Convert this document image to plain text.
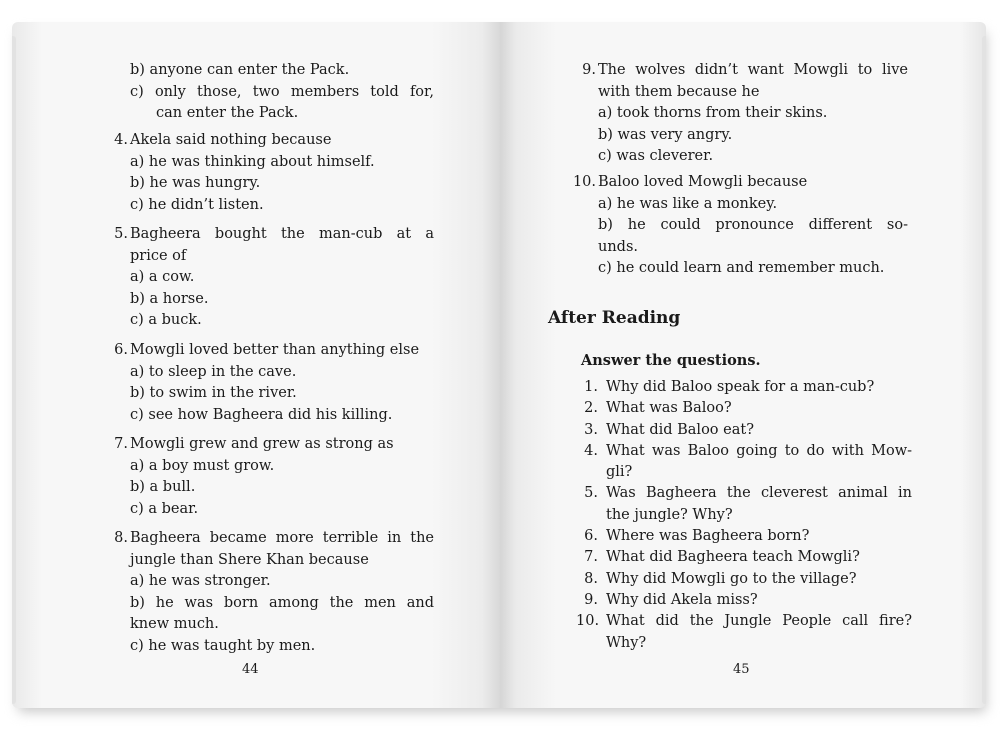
b) anyone can enter the Pack.
c) only those, two members told for,
can enter the Pack.
4. Akela said nothing because
a) he was thinking about himself.
b) he was hungry.
c) he didn’t listen.
5. Bagheera bought the man-cub at a
price of
a) a cow.
b) a horse.
c) a buck.
6. Mowgli loved better than anything else
a) to sleep in the cave.
b) to swim in the river.
c) see how Bagheera did his killing.
7. Mowgli grew and grew as strong as
a) a boy must grow.
b) a bull.
c) a bear.
8. Bagheera became more terrible in the
jungle than Shere Khan because
a) he was stronger.
b) he was born among the men and
knew much.
c) he was taught by men.
44
9. The wolves didn’t want Mowgli to live
with them because he
a) took thorns from their skins.
b) was very angry.
c) was cleverer.
10. Baloo loved Mowgli because
a) he was like a monkey.
b) he could pronounce different so-
unds.
c) he could learn and remember much.
After Reading
Answer the questions.
1. Why did Baloo speak for a man-cub?
2. What was Baloo?
3. What did Baloo eat?
4. What was Baloo going to do with Mow-
gli?
5. Was Bagheera the cleverest animal in
the jungle? Why?
6. Where was Bagheera born?
7. What did Bagheera teach Mowgli?
8. Why did Mowgli go to the village?
9. Why did Akela miss?
10. What did the Jungle People call fire?
Why?
45
